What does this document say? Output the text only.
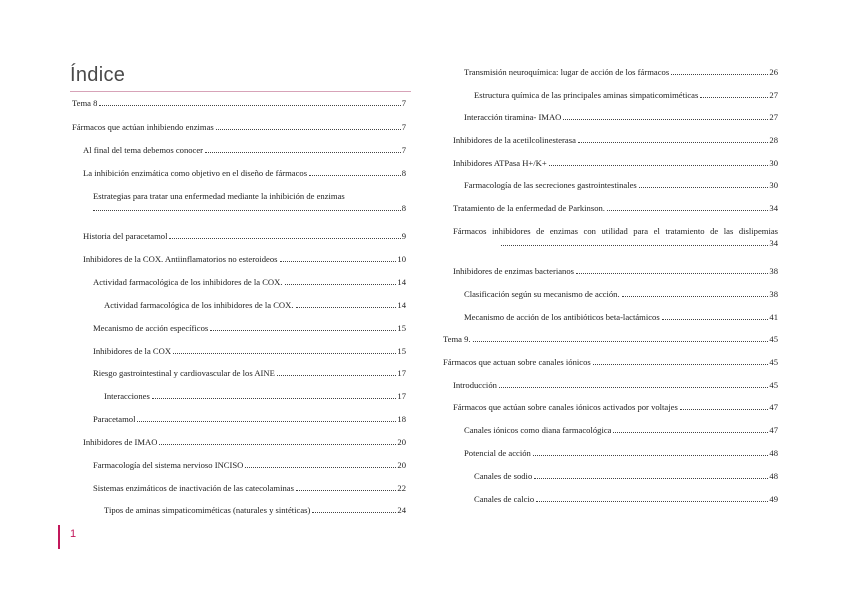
Índice
Tema 8	7
Fármacos que actúan inhibiendo enzimas	7
Al final del tema debemos conocer	7
La inhibición enzimática como objetivo en el diseño de fármacos	8
Estrategias para tratar una enfermedad mediante la inhibición de enzimas
8
Historia del paracetamol	9
Inhibidores de la COX. Antiinflamatorios no esteroideos	10
Actividad farmacológica de los inhibidores de la COX.	14
Actividad farmacológica de los inhibidores de la COX.	14
Mecanismo de acción específicos	15
Inhibidores de la COX	15
Riesgo gastrointestinal y cardiovascular de los AINE	17
Interacciones	17
Paracetamol	18
Inhibidores de IMAO	20
Farmacología del sistema nervioso INCISO	20
Sistemas enzimáticos de inactivación de las catecolaminas	22
Tipos de aminas simpaticomiméticas (naturales y sintéticas)	24
Transmisión neuroquímica: lugar de acción de los fármacos	26
Estructura química de las principales aminas simpaticomiméticas	27
Interacción tiramina- IMAO	27
Inhibidores de la acetilcolinesterasa	28
Inhibidores ATPasa H+/K+	30
Farmacología de las secreciones gastrointestinales	30
Tratamiento de la enfermedad de Parkinson.	34
Fármacos inhibidores de enzimas con utilidad para el tratamiento de las dislipemias
34
Inhibidores de enzimas bacterianos	38
Clasificación según su mecanismo de acción.	38
Mecanismo de acción de los antibióticos beta-lactámicos	41
Tema 9.	45
Fármacos que actuan sobre canales iónicos	45
Introducción	45
Fármacos que actúan sobre canales iónicos activados por voltajes	47
Canales iónicos como diana farmacológica	47
Potencial de acción	48
Canales de sodio	48
Canales de calcio	49
1
